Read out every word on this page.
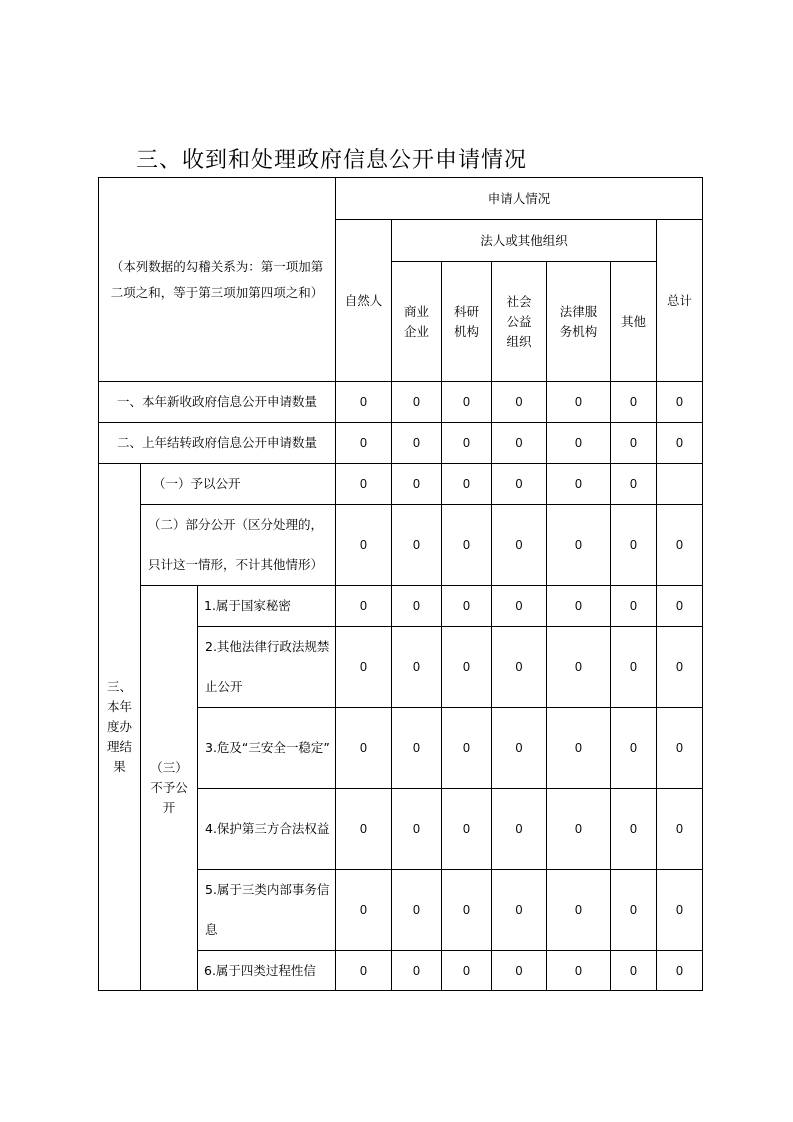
三、收到和处理政府信息公开申请情况
（本列数据的勾稽关系为：第一项加第二项之和，等于第三项加第四项之和）			申请人情况						
			自然人	法人或其他组织					总计
				商业企业	科研机构	社会公益组织	法律服务机构	其他	

一、本年新收政府信息公开申请数量			0	0	0	0	0	0	0
二、上年结转政府信息公开申请数量			0	0	0	0	0	0	0
三、本年度办理结果	（一）予以公开		0	0	0	0	0	0	
	（二）部分公开（区分处理的，只计这一情形，不计其他情形）		0	0	0	0	0	0	0
	（三）不予公开	1.属于国家秘密	0	0	0	0	0	0	0
		2.其他法律行政法规禁止公开	0	0	0	0	0	0	0
		3.危及“三安全一稳定”	0	0	0	0	0	0	0
		4.保护第三方合法权益	0	0	0	0	0	0	0
		5.属于三类内部事务信息	0	0	0	0	0	0	0
		6.属于四类过程性信	0	0	0	0	0	0	0
